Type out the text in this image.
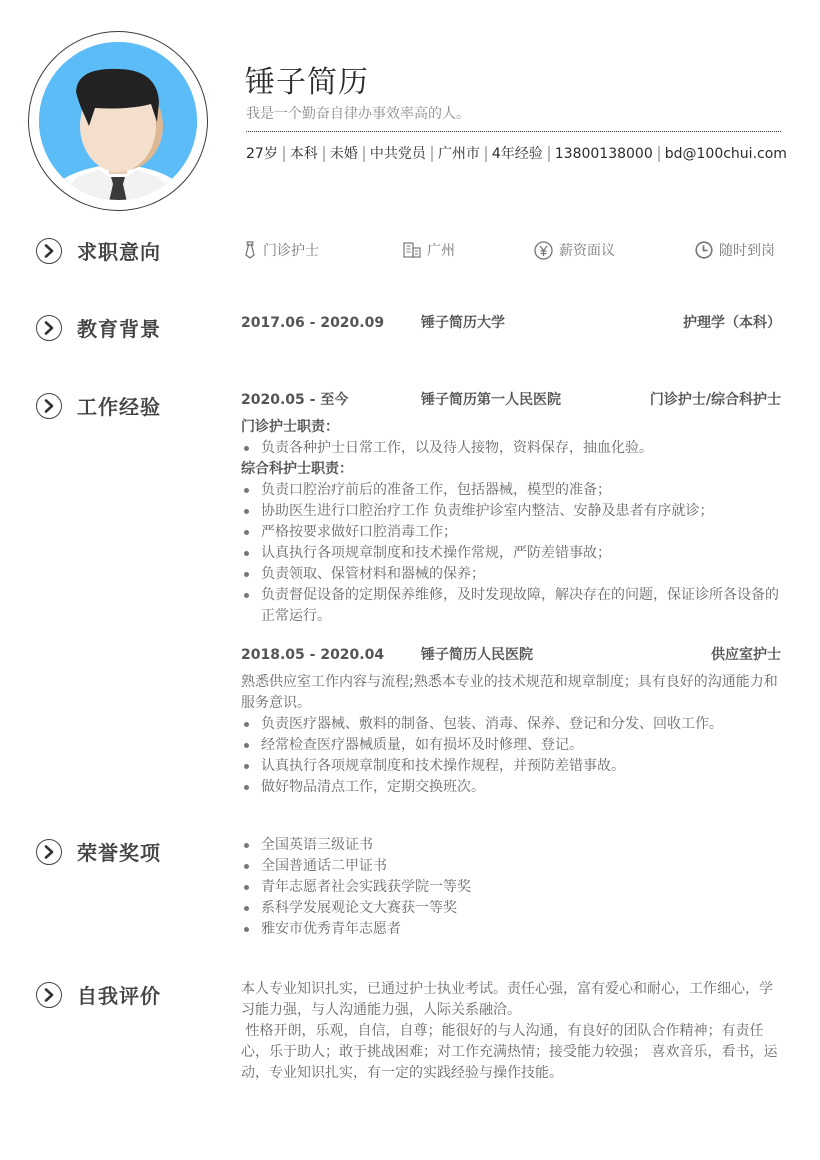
锤子简历
我是一个勤奋自律办事效率高的人。
27岁 本科 未婚 中共党员 广州市 4年经验 13800138000 bd@100chui.com
求职意向	门诊护士	广州	薪资面议	随时到岗
教育背景	2017.06 - 2020.09	锤子简历大学	护理学（本科）
工作经验	2020.05 - 至今	锤子简历第一人民医院	门诊护士/综合科护士
门诊护士职责：
负责各种护士日常工作，以及待人接物，资料保存，抽血化验。
综合科护士职责：
负责口腔治疗前后的准备工作，包括器械，模型的准备；
协助医生进行口腔治疗工作 负责维护诊室内整洁、安静及患者有序就诊；
严格按要求做好口腔消毒工作；
认真执行各项规章制度和技术操作常规，严防差错事故；
负责领取、保管材料和器械的保养；
负责督促设备的定期保养维修，及时发现故障，解决存在的问题，保证诊所各设备的正常运行。
2018.05 - 2020.04	锤子简历人民医院	供应室护士

熟悉供应室工作内容与流程;熟悉本专业的技术规范和规章制度；具有良好的沟通能力和服务意识。

负责医疗器械、敷料的制备、包装、消毒、保养、登记和分发、回收工作。
经常检查医疗器械质量，如有损坏及时修理、登记。
认真执行各项规章制度和技术操作规程，并预防差错事故。
做好物品清点工作，定期交换班次。
荣誉奖项	全国英语三级证书
全国普通话二甲证书
青年志愿者社会实践获学院一等奖
系科学发展观论文大赛获一等奖
雅安市优秀青年志愿者
自我评价	本人专业知识扎实，已通过护士执业考试。责任心强，富有爱心和耐心，工作细心，学习能力强，与人沟通能力强，人际关系融洽。

性格开朗，乐观，自信，自尊；能很好的与人沟通，有良好的团队合作精神；有责任心，乐于助人；敢于挑战困难；对工作充满热情；接受能力较强； 喜欢音乐，看书，运动，专业知识扎实，有一定的实践经验与操作技能。
